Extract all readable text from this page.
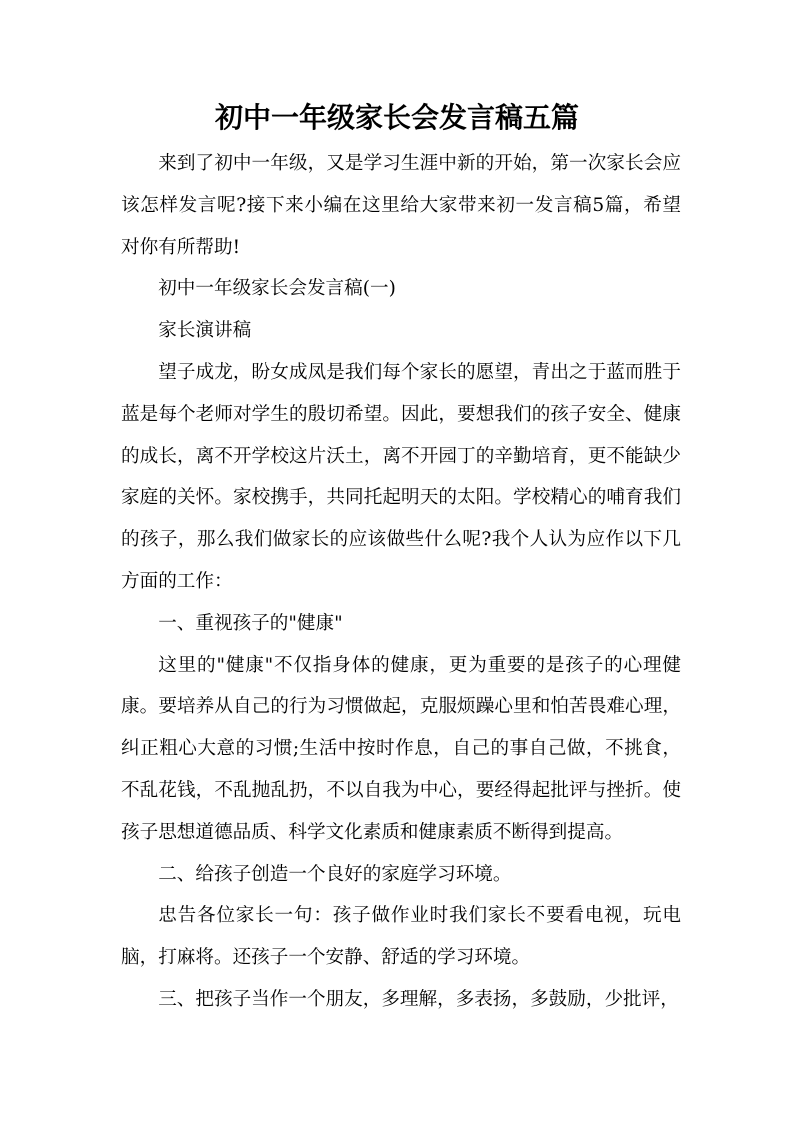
初中一年级家长会发言稿五篇

来到了初中一年级，又是学习生涯中新的开始，第一次家长会应该怎样发言呢?接下来小编在这里给大家带来初一发言稿5篇，希望对你有所帮助!

初中一年级家长会发言稿(一)

家长演讲稿

望子成龙，盼女成凤是我们每个家长的愿望，青出之于蓝而胜于蓝是每个老师对学生的殷切希望。因此，要想我们的孩子安全、健康的成长，离不开学校这片沃土，离不开园丁的辛勤培育，更不能缺少家庭的关怀。家校携手，共同托起明天的太阳。学校精心的哺育我们的孩子，那么我们做家长的应该做些什么呢?我个人认为应作以下几方面的工作：

一、重视孩子的"健康"

这里的"健康"不仅指身体的健康，更为重要的是孩子的心理健康。要培养从自己的行为习惯做起，克服烦躁心里和怕苦畏难心理，纠正粗心大意的习惯;生活中按时作息，自己的事自己做，不挑食，不乱花钱，不乱抛乱扔，不以自我为中心，要经得起批评与挫折。使孩子思想道德品质、科学文化素质和健康素质不断得到提高。

二、给孩子创造一个良好的家庭学习环境。

忠告各位家长一句：孩子做作业时我们家长不要看电视，玩电脑，打麻将。还孩子一个安静、舒适的学习环境。

三、把孩子当作一个朋友，多理解，多表扬，多鼓励，少批评，
